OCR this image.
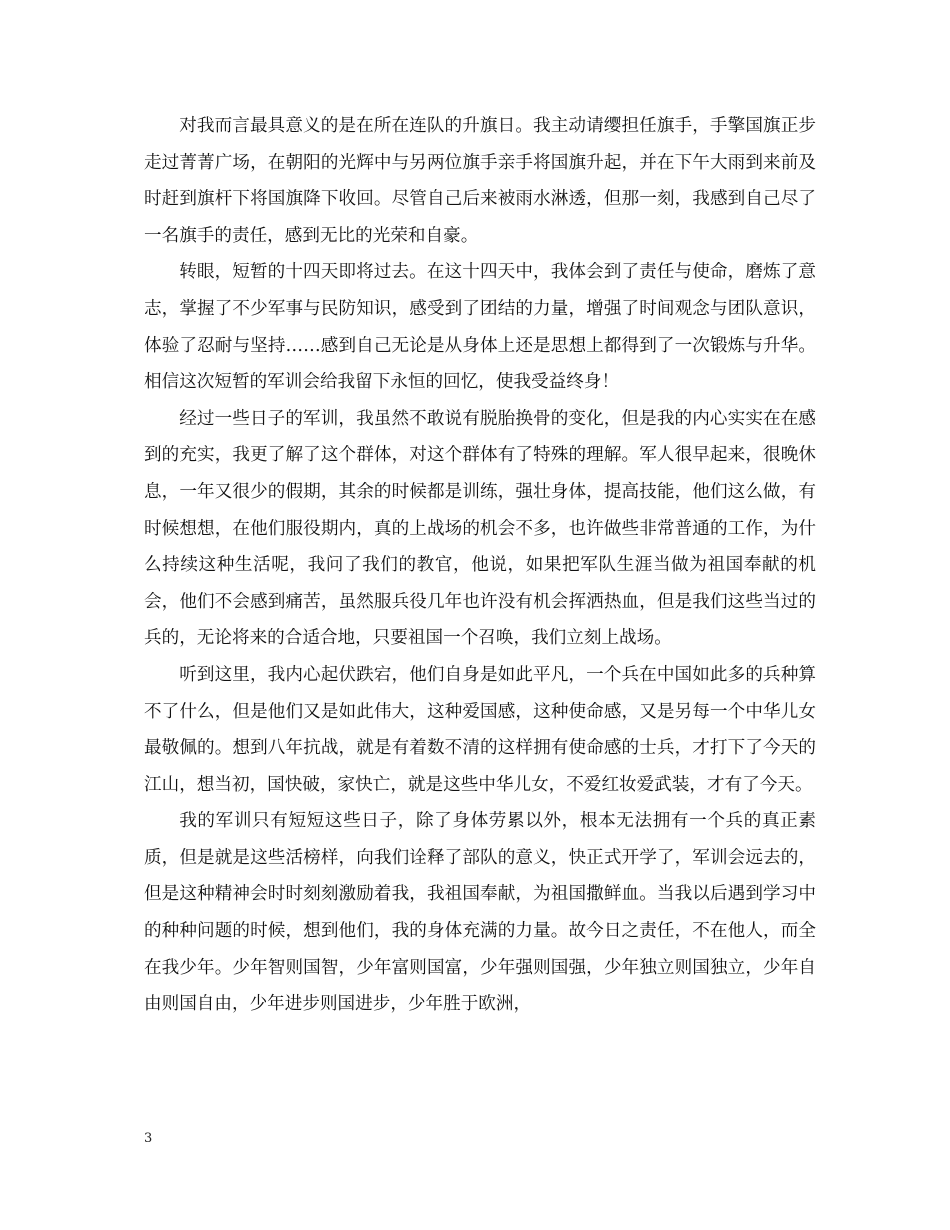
对我而言最具意义的是在所在连队的升旗日。我主动请缨担任旗手，手擎国旗正步走过菁菁广场，在朝阳的光辉中与另两位旗手亲手将国旗升起，并在下午大雨到来前及时赶到旗杆下将国旗降下收回。尽管自己后来被雨水淋透，但那一刻，我感到自己尽了一名旗手的责任，感到无比的光荣和自豪。

转眼，短暂的十四天即将过去。在这十四天中，我体会到了责任与使命，磨炼了意志，掌握了不少军事与民防知识，感受到了团结的力量，增强了时间观念与团队意识，体验了忍耐与坚持……感到自己无论是从身体上还是思想上都得到了一次锻炼与升华。相信这次短暂的军训会给我留下永恒的回忆，使我受益终身！

经过一些日子的军训，我虽然不敢说有脱胎换骨的变化，但是我的内心实实在在感到的充实，我更了解了这个群体，对这个群体有了特殊的理解。军人很早起来，很晚休息，一年又很少的假期，其余的时候都是训练，强壮身体，提高技能，他们这么做，有时候想想，在他们服役期内，真的上战场的机会不多，也许做些非常普通的工作，为什么持续这种生活呢，我问了我们的教官，他说，如果把军队生涯当做为祖国奉献的机会，他们不会感到痛苦，虽然服兵役几年也许没有机会挥洒热血，但是我们这些当过的兵的，无论将来的合适合地，只要祖国一个召唤，我们立刻上战场。

听到这里，我内心起伏跌宕，他们自身是如此平凡，一个兵在中国如此多的兵种算不了什么，但是他们又是如此伟大，这种爱国感，这种使命感，又是另每一个中华儿女最敬佩的。想到八年抗战，就是有着数不清的这样拥有使命感的士兵，才打下了今天的江山，想当初，国快破，家快亡，就是这些中华儿女，不爱红妆爱武装，才有了今天。

我的军训只有短短这些日子，除了身体劳累以外，根本无法拥有一个兵的真正素质，但是就是这些活榜样，向我们诠释了部队的意义，快正式开学了，军训会远去的，但是这种精神会时时刻刻激励着我，我祖国奉献，为祖国撒鲜血。当我以后遇到学习中的种种问题的时候，想到他们，我的身体充满的力量。故今日之责任，不在他人，而全在我少年。少年智则国智，少年富则国富，少年强则国强，少年独立则国独立，少年自由则国自由，少年进步则国进步，少年胜于欧洲，

3
